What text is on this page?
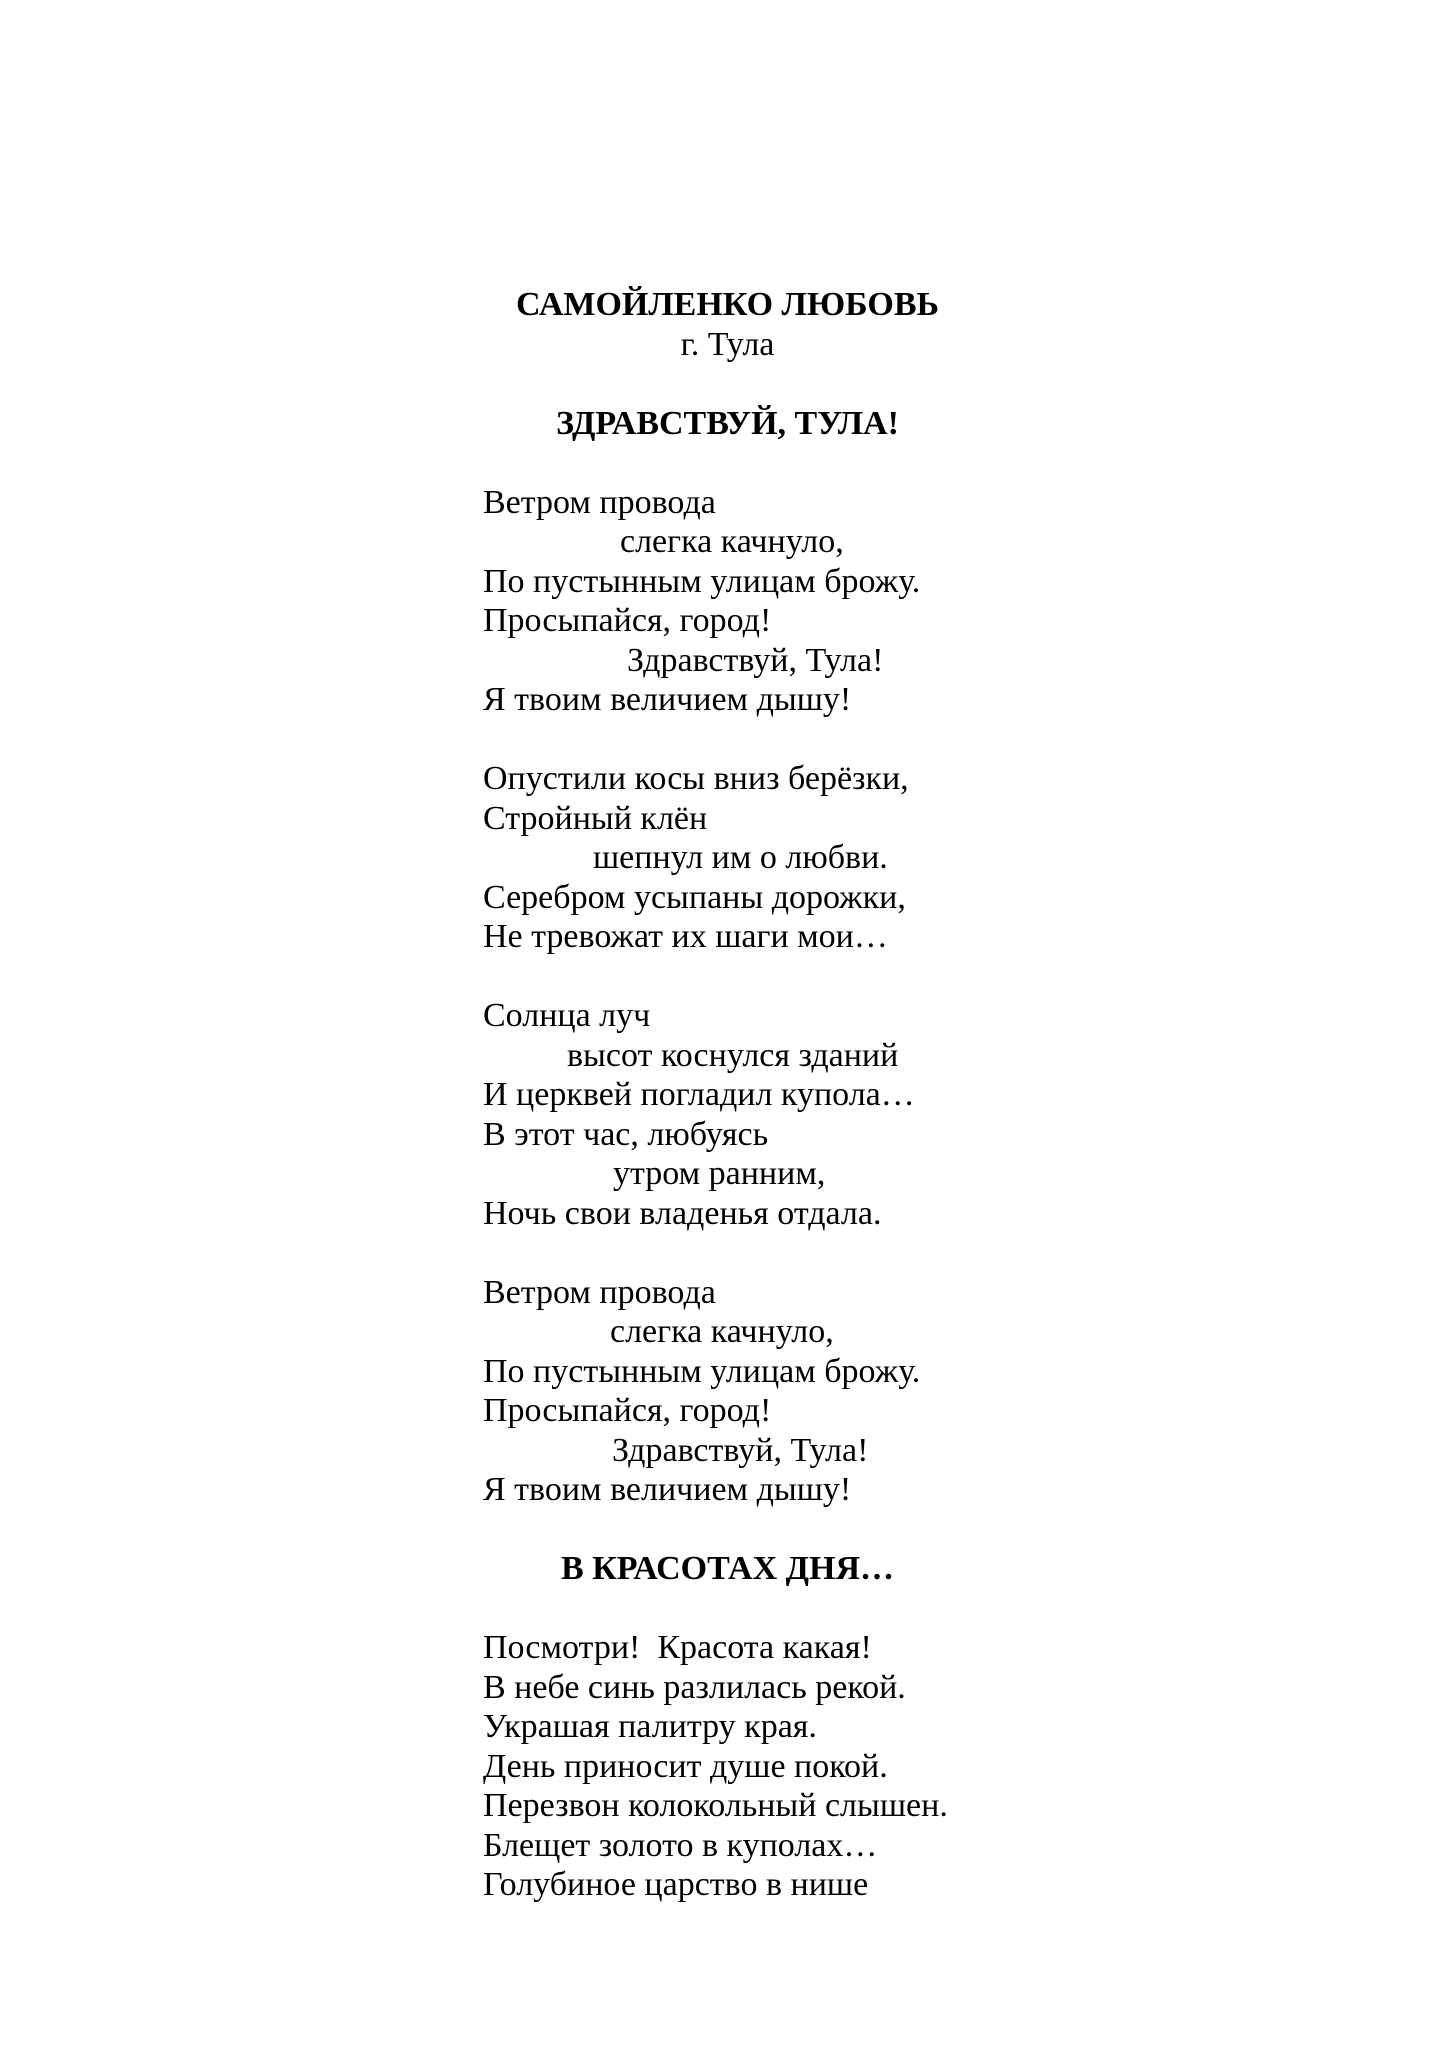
САМОЙЛЕНКО ЛЮБОВЬ
г. Тула
ЗДРАВСТВУЙ, ТУЛА!
Ветром провода
слегка качнуло,
По пустынным улицам брожу.
Просыпайся, город!
Здравствуй, Тула!
Я твоим величием дышу!
Опустили косы вниз берёзки,
Стройный клён
шепнул им о любви.
Серебром усыпаны дорожки,
Не тревожат их шаги мои…
Солнца луч
высот коснулся зданий
И церквей погладил купола…
В этот час, любуясь
утром ранним,
Ночь свои владенья отдала.
Ветром провода
слегка качнуло,
По пустынным улицам брожу.
Просыпайся, город!
Здравствуй, Тула!
Я твоим величием дышу!
В КРАСОТАХ ДНЯ…
Посмотри!  Красота какая!
В небе синь разлилась рекой.
Украшая палитру края.
День приносит душе покой.
Перезвон колокольный слышен.
Блещет золото в куполах…
Голубиное царство в нише
